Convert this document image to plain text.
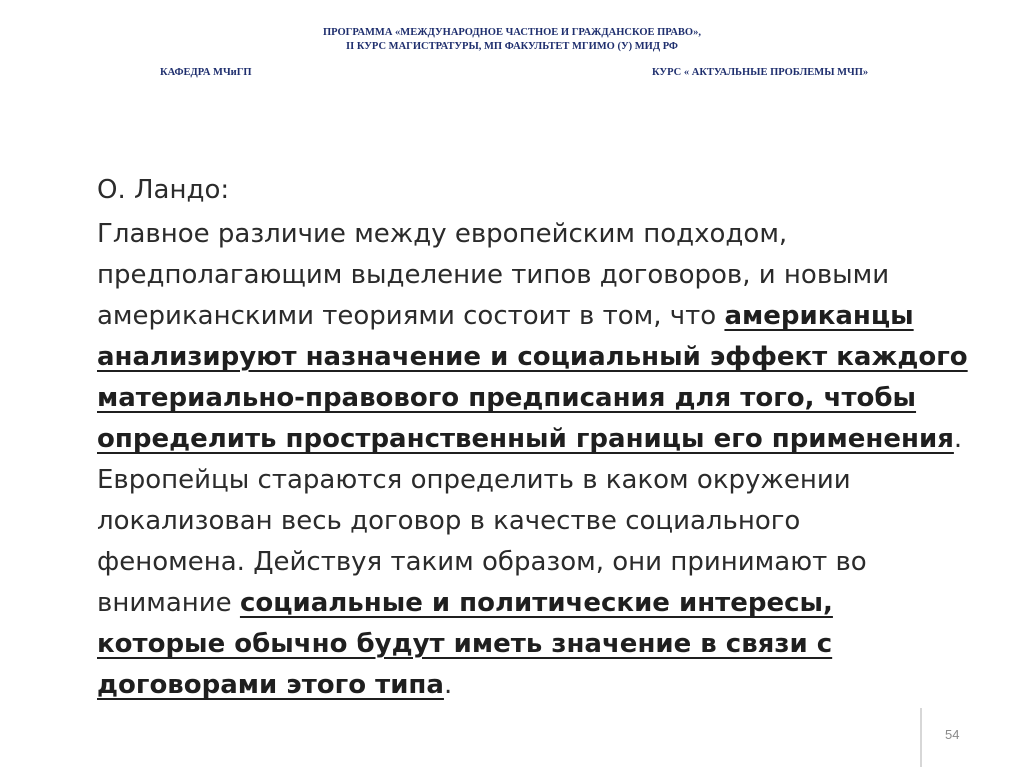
ПРОГРАММА «МЕЖДУНАРОДНОЕ ЧАСТНОЕ И ГРАЖДАНСКОЕ ПРАВО»,
II КУРС МАГИСТРАТУРЫ, МП ФАКУЛЬТЕТ МГИМО (У) МИД РФ
КАФЕДРА МЧиГП	КУРС « АКТУАЛЬНЫЕ ПРОБЛЕМЫ МЧП»

О. Ландо:

Главное различие между европейским подходом,
предполагающим выделение типов договоров, и новыми
американскими теориями состоит в том, что американцы
анализируют назначение и социальный эффект каждого
материально-правового предписания для того, чтобы
определить пространственный границы его применения.
Европейцы стараются определить в каком окружении
локализован весь договор в качестве социального
феномена. Действуя таким образом, они принимают во
внимание социальные и политические интересы,
которые обычно будут иметь значение в связи с
договорами этого типа.

54
